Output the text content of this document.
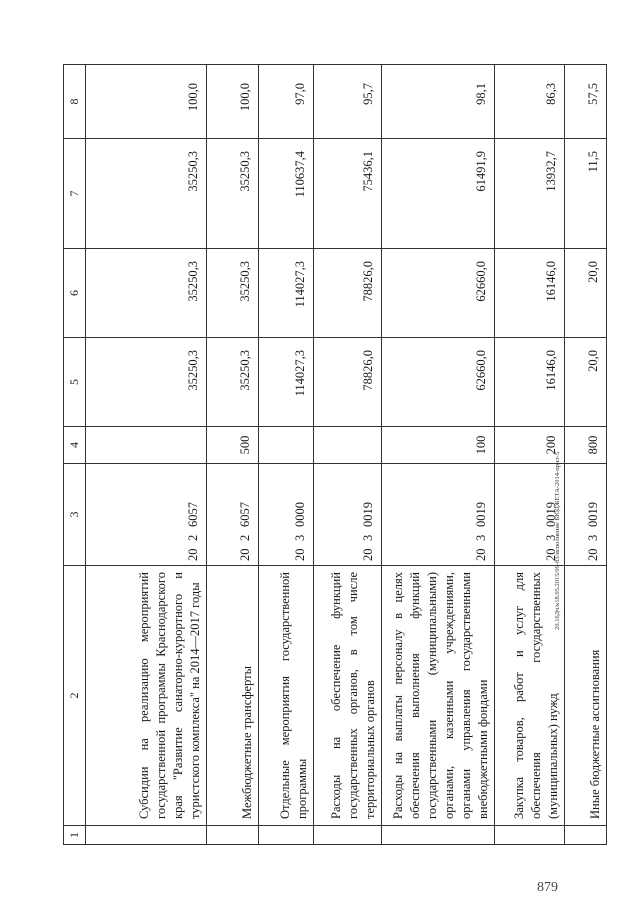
1	2	3	4	5	6	7	8
	Субсидии на реализацию мероприятий государственной программы Краснодарского края "Развитие санаторно-курортного и туристского комплекса" на 2014—2017 годы	2026057		35250,3	35250,3	35250,3	100,0
	Межбюджетные трансферты	2026057	500	35250,3	35250,3	35250,3	100,0
	Отдельные мероприятия государственной программы	2030000		114027,3	114027,3	110637,4	97,0
	Расходы на обеспечение функций государственных органов, в том числе территориальных органов	2030019		78826,0	78826,0	75436,1	95,7
	Расходы на выплаты персоналу в целях обеспечения выполнения функций государственными (муниципальными) органами, казенными учреждениями, органами управления государственными внебюджетными фондами	2030019	100	62660,0	62660,0	61491,9	98,1
	Закупка товаров, работ и услуг для обеспечения государственных (муниципальных) нужд	2030019	200	16146,0	16146,0	13932,7	86,3
	Иные бюджетные ассигнования	2030019	800	20,0	20,0	11,5	57,5
20.16Дч/к18.05.2015/09-83/исполнение БЮДЖЕТА-2014-прил-5
879
